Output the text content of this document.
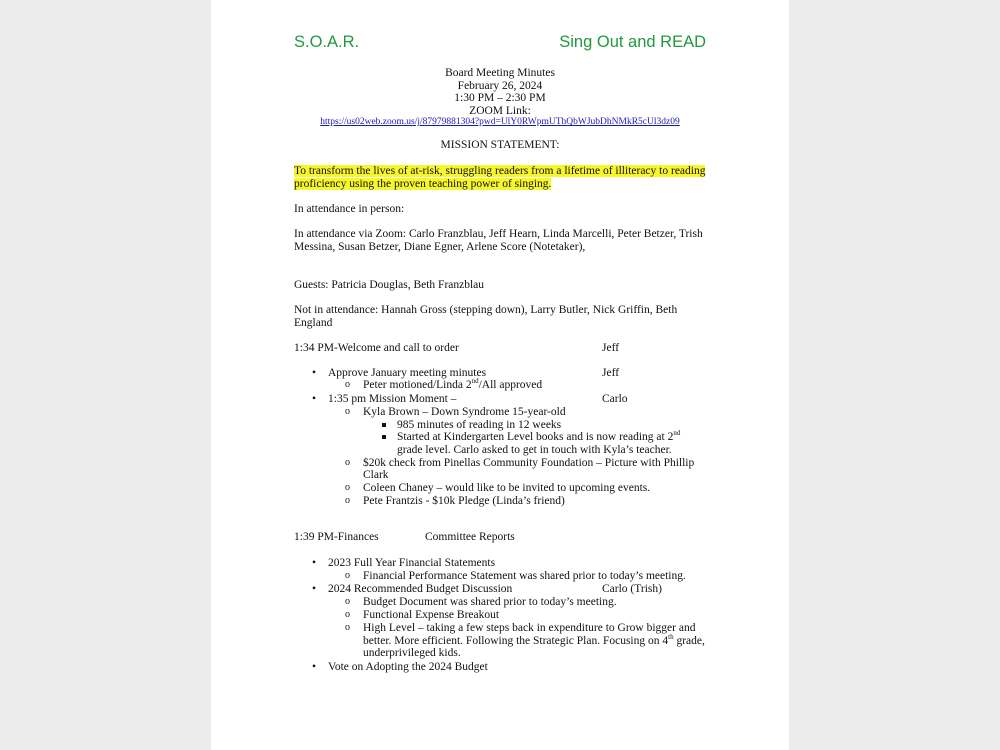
S.O.A.R.	Sing Out and READ
Board Meeting Minutes
February 26, 2024
1:30 PM – 2:30 PM
ZOOM Link:
https://us02web.zoom.us/j/87979881304?pwd=UlY0RWpmUThQbWJubDhNMkR5cUl3dz09
MISSION STATEMENT:
To transform the lives of at-risk, struggling readers from a lifetime of illiteracy to reading
proficiency using the proven teaching power of singing.
In attendance in person:
In attendance via Zoom: Carlo Franzblau, Jeff Hearn, Linda Marcelli, Peter Betzer, Trish
Messina, Susan Betzer, Diane Egner, Arlene Score (Notetaker),
Guests: Patricia Douglas, Beth Franzblau
Not in attendance: Hannah Gross (stepping down), Larry Butler, Nick Griffin, Beth
England
1:34 PM-Welcome and call to order	Jeff
• Approve January meeting minutes	Jeff
o Peter motioned/Linda 2nd/All approved
• 1:35 pm Mission Moment –	Carlo
o Kyla Brown – Down Syndrome 15-year-old
985 minutes of reading in 12 weeks
Started at Kindergarten Level books and is now reading at 2nd
grade level. Carlo asked to get in touch with Kyla’s teacher.
o $20k check from Pinellas Community Foundation – Picture with Phillip
Clark
o Coleen Chaney – would like to be invited to upcoming events.
o Pete Frantzis - $10k Pledge (Linda’s friend)
1:39 PM-Finances	Committee Reports
• 2023 Full Year Financial Statements
o Financial Performance Statement was shared prior to today’s meeting.
• 2024 Recommended Budget Discussion	Carlo (Trish)
o Budget Document was shared prior to today’s meeting.
o Functional Expense Breakout
o High Level – taking a few steps back in expenditure to Grow bigger and
better. More efficient. Following the Strategic Plan. Focusing on 4th grade,
underprivileged kids.
• Vote on Adopting the 2024 Budget
